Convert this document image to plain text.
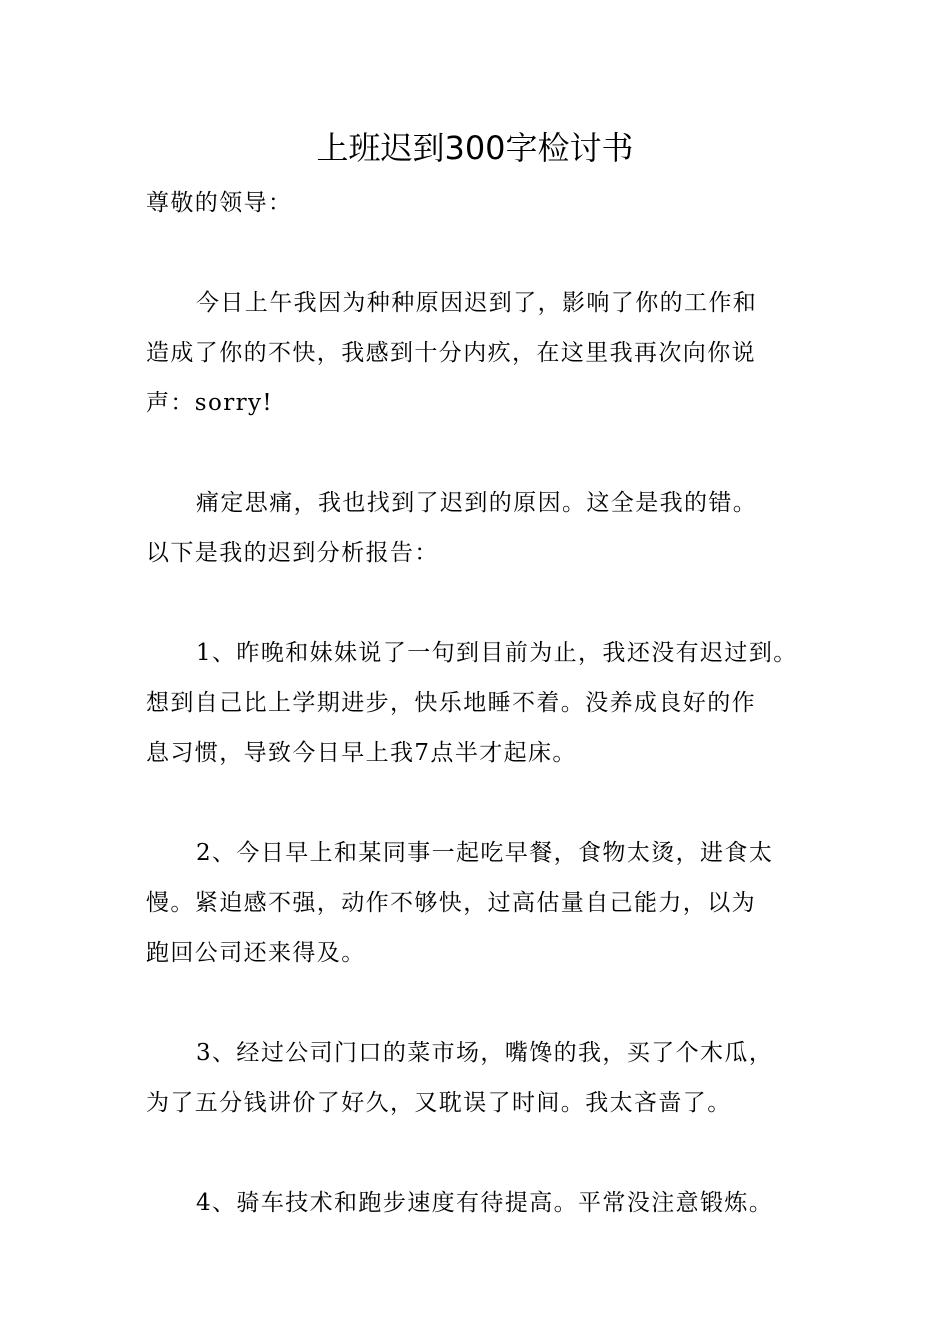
上班迟到300字检讨书

尊敬的领导：

今日上午我因为种种原因迟到了，影响了你的工作和
造成了你的不快，我感到十分内疚，在这里我再次向你说
声：sorry!
痛定思痛，我也找到了迟到的原因。这全是我的错。
以下是我的迟到分析报告：
1、昨晚和妹妹说了一句到目前为止，我还没有迟过到。
想到自己比上学期进步，快乐地睡不着。没养成良好的作
息习惯，导致今日早上我7点半才起床。
2、今日早上和某同事一起吃早餐，食物太烫，进食太
慢。紧迫感不强，动作不够快，过高估量自己能力，以为
跑回公司还来得及。
3、经过公司门口的菜市场，嘴馋的我，买了个木瓜，
为了五分钱讲价了好久，又耽误了时间。我太吝啬了。
4、骑车技术和跑步速度有待提高。平常没注意锻炼。
